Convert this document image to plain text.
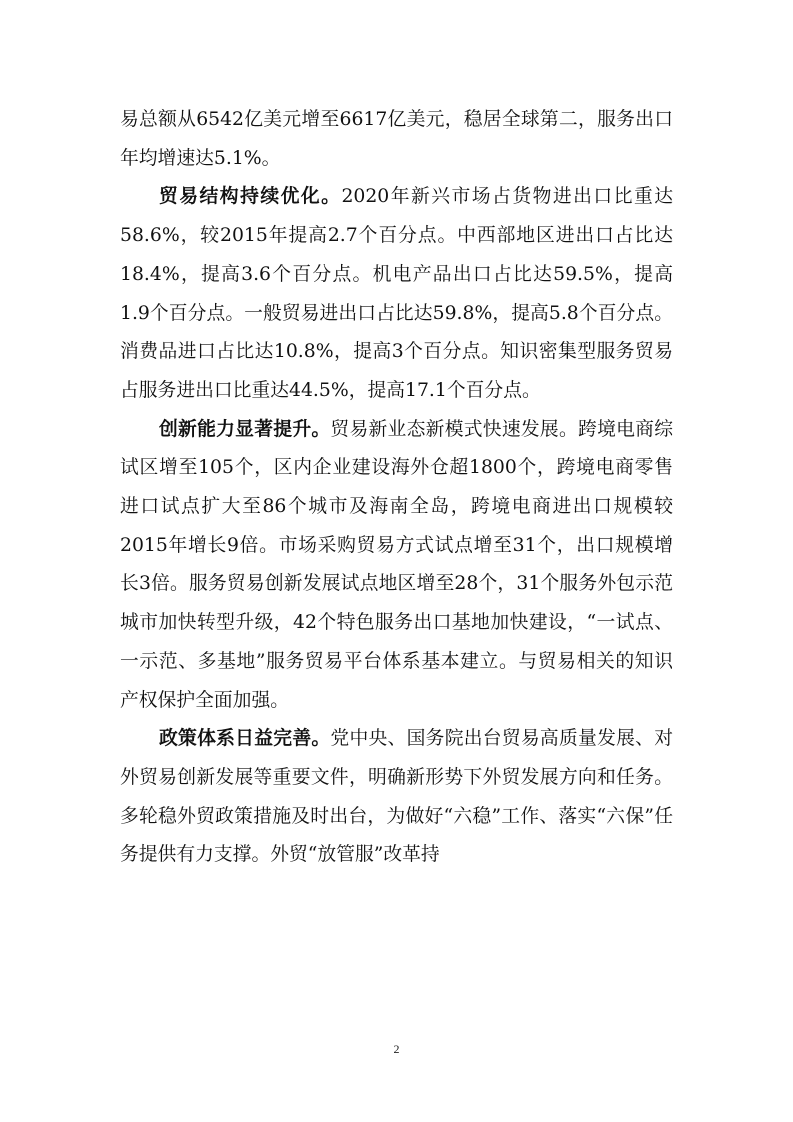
易总额从6542亿美元增至6617亿美元，稳居全球第二，服务出口年均增速达5.1%。

贸易结构持续优化。2020年新兴市场占货物进出口比重达58.6%，较2015年提高2.7个百分点。中西部地区进出口占比达18.4%，提高3.6个百分点。机电产品出口占比达59.5%，提高1.9个百分点。一般贸易进出口占比达59.8%，提高5.8个百分点。消费品进口占比达10.8%，提高3个百分点。知识密集型服务贸易占服务进出口比重达44.5%，提高17.1个百分点。

创新能力显著提升。贸易新业态新模式快速发展。跨境电商综试区增至105个，区内企业建设海外仓超1800个，跨境电商零售进口试点扩大至86个城市及海南全岛，跨境电商进出口规模较2015年增长9倍。市场采购贸易方式试点增至31个，出口规模增长3倍。服务贸易创新发展试点地区增至28个，31个服务外包示范城市加快转型升级，42个特色服务出口基地加快建设，“一试点、一示范、多基地”服务贸易平台体系基本建立。与贸易相关的知识产权保护全面加强。

政策体系日益完善。党中央、国务院出台贸易高质量发展、对外贸易创新发展等重要文件，明确新形势下外贸发展方向和任务。多轮稳外贸政策措施及时出台，为做好“六稳”工作、落实“六保”任务提供有力支撑。外贸“放管服”改革持

2
